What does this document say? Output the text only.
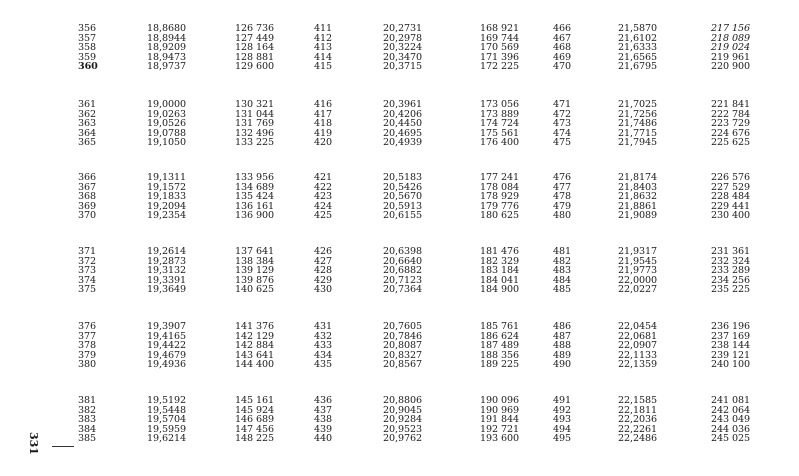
356	18,8680	126 736	411	20,2731	168 921	466	21,5870	217 156
357	18,8944	127 449	412	20,2978	169 744	467	21,6102	218 089
358	18,9209	128 164	413	20,3224	170 569	468	21,6333	219 024
359	18,9473	128 881	414	20,3470	171 396	469	21,6565	219 961
360	18,9737	129 600	415	20,3715	172 225	470	21,6795	220 900
361	19,0000	130 321	416	20,3961	173 056	471	21,7025	221 841
362	19,0263	131 044	417	20,4206	173 889	472	21,7256	222 784
363	19,0526	131 769	418	20,4450	174 724	473	21,7486	223 729
364	19,0788	132 496	419	20,4695	175 561	474	21,7715	224 676
365	19,1050	133 225	420	20,4939	176 400	475	21,7945	225 625
366	19,1311	133 956	421	20,5183	177 241	476	21,8174	226 576
367	19,1572	134 689	422	20,5426	178 084	477	21,8403	227 529
368	19,1833	135 424	423	20,5670	178 929	478	21,8632	228 484
369	19,2094	136 161	424	20,5913	179 776	479	21,8861	229 441
370	19,2354	136 900	425	20,6155	180 625	480	21,9089	230 400
371	19,2614	137 641	426	20,6398	181 476	481	21,9317	231 361
372	19,2873	138 384	427	20,6640	182 329	482	21,9545	232 324
373	19,3132	139 129	428	20,6882	183 184	483	21,9773	233 289
374	19,3391	139 876	429	20,7123	184 041	484	22,0000	234 256
375	19,3649	140 625	430	20,7364	184 900	485	22,0227	235 225
376	19,3907	141 376	431	20,7605	185 761	486	22,0454	236 196
377	19,4165	142 129	432	20,7846	186 624	487	22,0681	237 169
378	19,4422	142 884	433	20,8087	187 489	488	22,0907	238 144
379	19,4679	143 641	434	20,8327	188 356	489	22,1133	239 121
380	19,4936	144 400	435	20,8567	189 225	490	22,1359	240 100
381	19,5192	145 161	436	20,8806	190 096	491	22,1585	241 081
382	19,5448	145 924	437	20,9045	190 969	492	22,1811	242 064
383	19,5704	146 689	438	20,9284	191 844	493	22,2036	243 049
384	19,5959	147 456	439	20,9523	192 721	494	22,2261	244 036
385	19,6214	148 225	440	20,9762	193 600	495	22,2486	245 025
331
